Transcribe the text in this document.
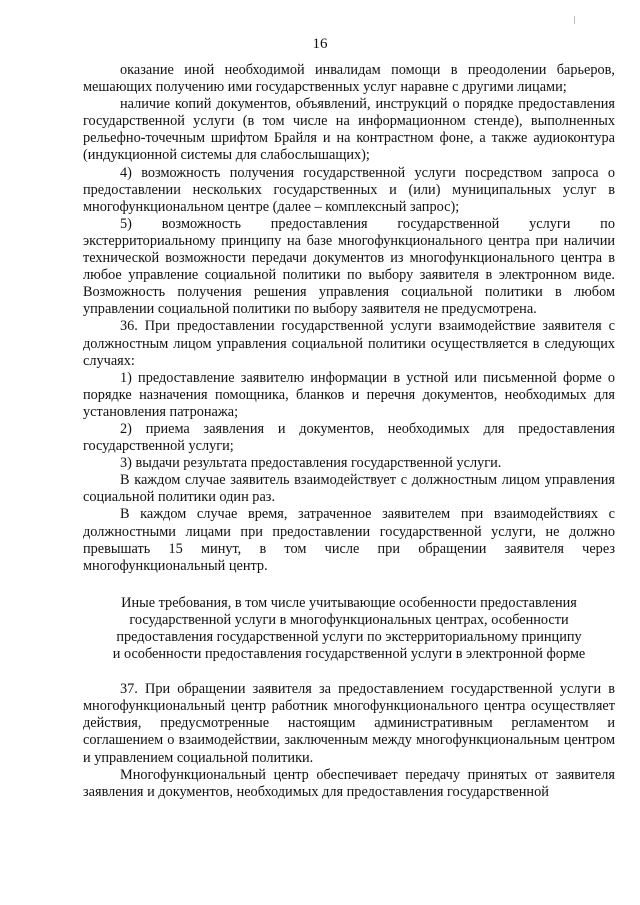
16

оказание иной необходимой инвалидам помощи в преодолении барьеров, мешающих получению ими государственных услуг наравне с другими лицами;

наличие копий документов, объявлений, инструкций о порядке предоставления государственной услуги (в том числе на информационном стенде), выполненных рельефно-точечным шрифтом Брайля и на контрастном фоне, а также аудиоконтура (индукционной системы для слабослышащих);

4) возможность получения государственной услуги посредством запроса о предоставлении нескольких государственных и (или) муниципальных услуг в многофункциональном центре (далее – комплексный запрос);

5) возможность предоставления государственной услуги по экстерриториальному принципу на базе многофункционального центра при наличии технической возможности передачи документов из многофункционального центра в любое управление социальной политики по выбору заявителя в электронном виде. Возможность получения решения управления социальной политики в любом управлении социальной политики по выбору заявителя не предусмотрена.

36. При предоставлении государственной услуги взаимодействие заявителя с должностным лицом управления социальной политики осуществляется в следующих случаях:

1) предоставление заявителю информации в устной или письменной форме о порядке назначения помощника, бланков и перечня документов, необходимых для установления патронажа;

2) приема заявления и документов, необходимых для предоставления государственной услуги;

3) выдачи результата предоставления государственной услуги.

В каждом случае заявитель взаимодействует с должностным лицом управления социальной политики один раз.

В каждом случае время, затраченное заявителем при взаимодействиях с должностными лицами при предоставлении государственной услуги, не должно превышать 15 минут, в том числе при обращении заявителя через многофункциональный центр.

Иные требования, в том числе учитывающие особенности предоставления
государственной услуги в многофункциональных центрах, особенности
предоставления государственной услуги по экстерриториальному принципу
и особенности предоставления государственной услуги в электронной форме

37. При обращении заявителя за предоставлением государственной услуги в многофункциональный центр работник многофункционального центра осуществляет действия, предусмотренные настоящим административным регламентом и соглашением о взаимодействии, заключенным между многофункциональным центром и управлением социальной политики.

Многофункциональный центр обеспечивает передачу принятых от заявителя заявления и документов, необходимых для предоставления государственной
